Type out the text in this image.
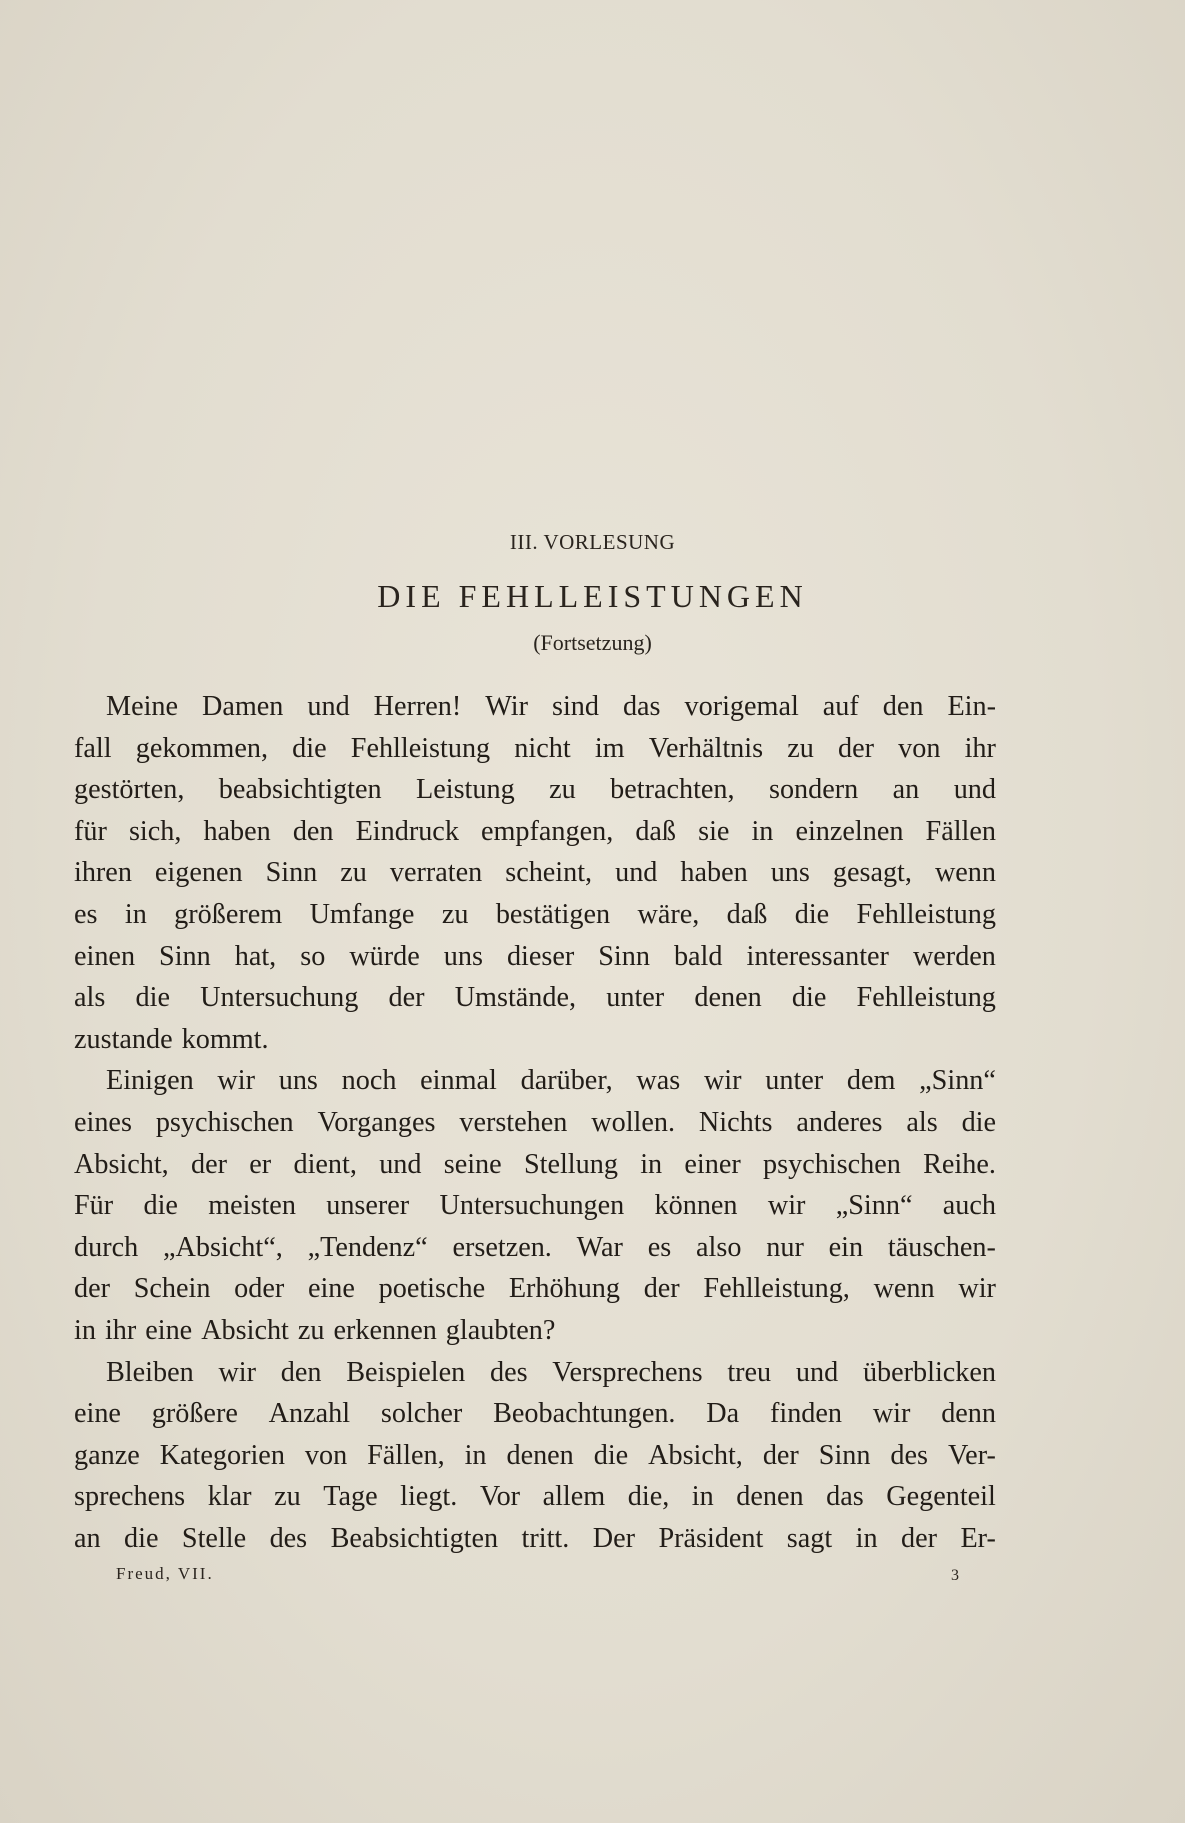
III. VORLESUNG
DIE FEHLLEISTUNGEN
(Fortsetzung)
Meine Damen und Herren! Wir sind das vorigemal auf den Ein-
fall gekommen, die Fehlleistung nicht im Verhältnis zu der von ihr
gestörten, beabsichtigten Leistung zu betrachten, sondern an und
für sich, haben den Eindruck empfangen, daß sie in einzelnen Fällen
ihren eigenen Sinn zu verraten scheint, und haben uns gesagt, wenn
es in größerem Umfange zu bestätigen wäre, daß die Fehlleistung
einen Sinn hat, so würde uns dieser Sinn bald interessanter werden
als die Untersuchung der Umstände, unter denen die Fehlleistung
zustande kommt.
Einigen wir uns noch einmal darüber, was wir unter dem „Sinn“
eines psychischen Vorganges verstehen wollen. Nichts anderes als die
Absicht, der er dient, und seine Stellung in einer psychischen Reihe.
Für die meisten unserer Untersuchungen können wir „Sinn“ auch
durch „Absicht“, „Tendenz“ ersetzen. War es also nur ein täuschen-
der Schein oder eine poetische Erhöhung der Fehlleistung, wenn wir
in ihr eine Absicht zu erkennen glaubten?
Bleiben wir den Beispielen des Versprechens treu und überblicken
eine größere Anzahl solcher Beobachtungen. Da finden wir denn
ganze Kategorien von Fällen, in denen die Absicht, der Sinn des Ver-
sprechens klar zu Tage liegt. Vor allem die, in denen das Gegenteil
an die Stelle des Beabsichtigten tritt. Der Präsident sagt in der Er-
Freud, VII.	3
